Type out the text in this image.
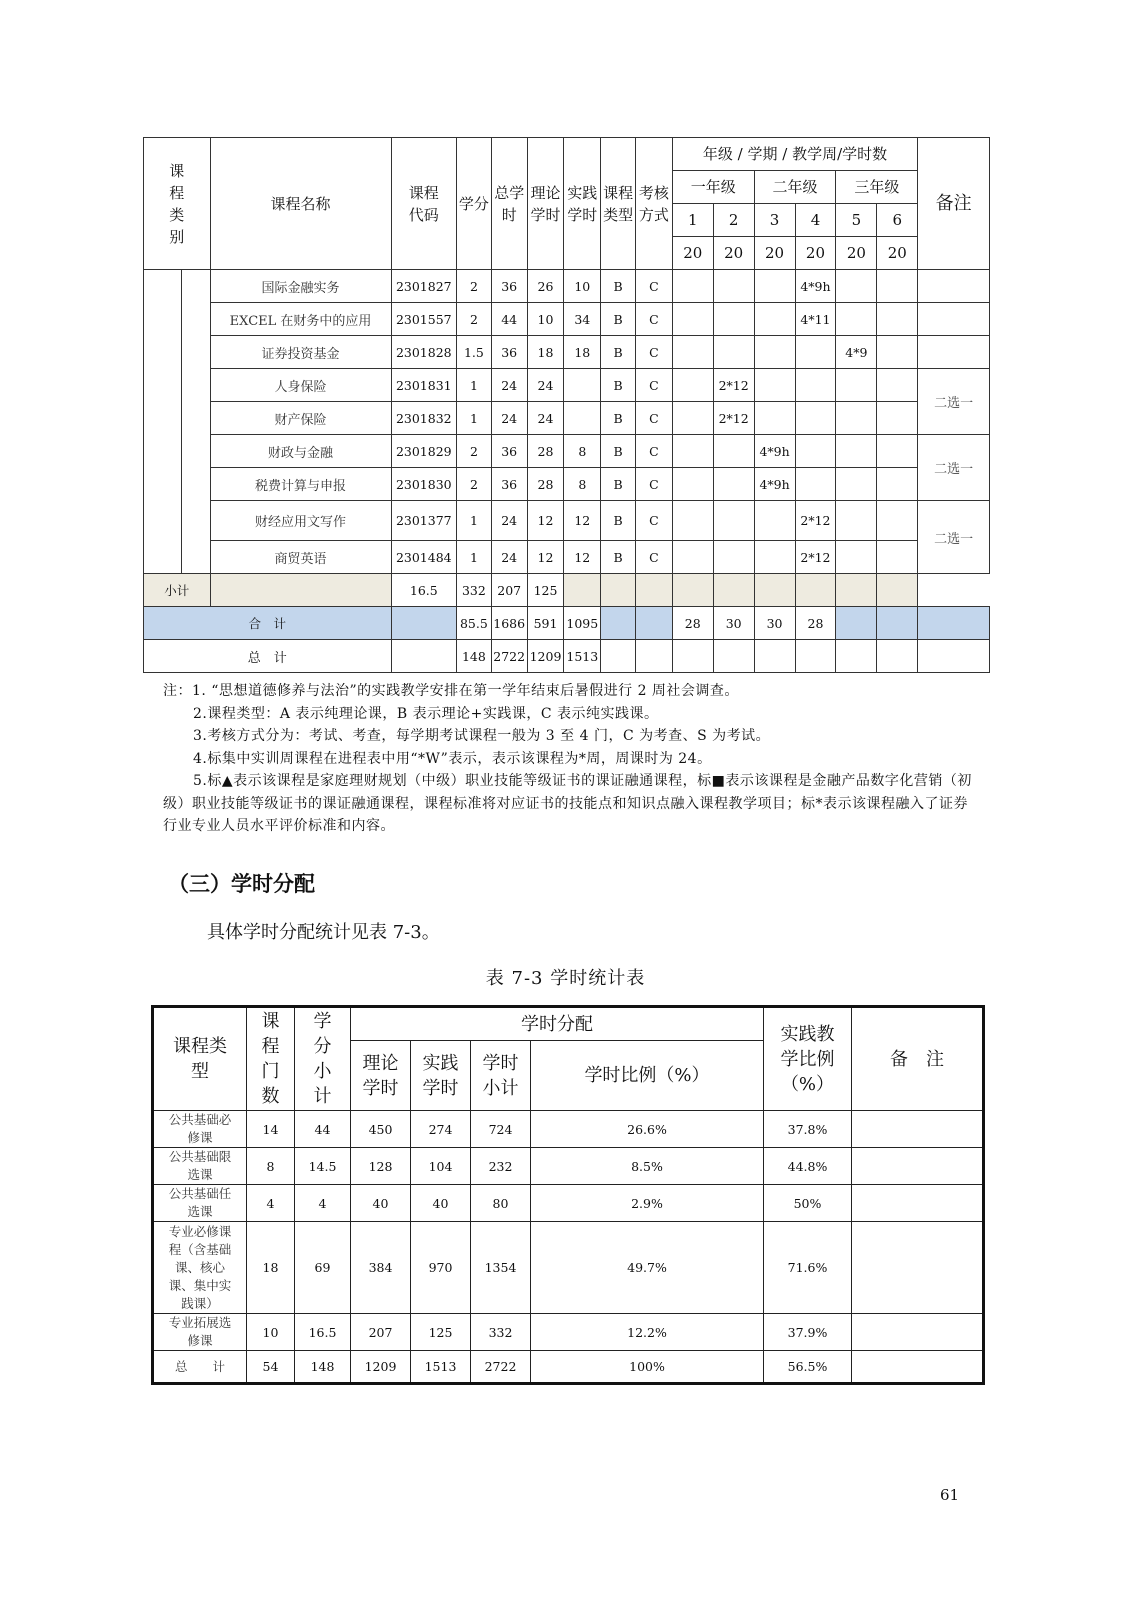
课程类别		课程名称	课程代码	学分	总学时	理论学时	实践学时	课程类型	考核方式	年级 / 学期 / 教学周/学时数						备注
										一年级		二年级		三年级		
										1	2	3	4	5	6	
										20	20	20	20	20	20	
		国际金融实务	2301827	2	36	26	10	B	C				4*9h			
		EXCEL 在财务中的应用	2301557	2	44	10	34	B	C				4*11			
		证券投资基金	2301828	1.5	36	18	18	B	C					4*9		
		人身保险	2301831	1	24	24		B	C		2*12					二选一
		财产保险	2301832	1	24	24		B	C		2*12					
		财政与金融	2301829	2	36	28	8	B	C			4*9h				二选一
		税费计算与申报	2301830	2	36	28	8	B	C			4*9h				
		财经应用文写作	2301377	1	24	12	12	B	C				2*12			二选一
		商贸英语	2301484	1	24	12	12	B	C				2*12			
小计			16.5	332	207	125										
合　计				85.5	1686	591	1095			28	30	30	28			
总　计				148	2722	1209	1513									

注：1. “思想道德修养与法治”的实践教学安排在第一学年结束后暑假进行 2 周社会调查。

2.课程类型：A 表示纯理论课，B 表示理论+实践课，C 表示纯实践课。

3.考核方式分为：考试、考查，每学期考试课程一般为 3 至 4 门，C 为考查、S 为考试。

4.标集中实训周课程在进程表中用“*W”表示，表示该课程为*周，周课时为 24。

5.标▲表示该课程是家庭理财规划（中级）职业技能等级证书的课证融通课程，标■表示该课程是金融产品数字化营销（初级）职业技能等级证书的课证融通课程，课程标准将对应证书的技能点和知识点融入课程教学项目；标*表示该课程融入了证券行业专业人员水平评价标准和内容。

（三）学时分配

具体学时分配统计见表 7-3。

表 7-3 学时统计表

课程类型	课程门数	学分小计	学时分配				实践教学比例（%）	备　注
			理论学时	实践学时	学时小计	学时比例（%）		
公共基础必修课	14	44	450	274	724	26.6%	37.8%	
公共基础限选课	8	14.5	128	104	232	8.5%	44.8%	
公共基础任选课	4	4	40	40	80	2.9%	50%	
专业必修课程（含基础课、核心课、集中实践课）	18	69	384	970	1354	49.7%	71.6%	
专业拓展选修课	10	16.5	207	125	332	12.2%	37.9%	
总　　计	54	148	1209	1513	2722	100%	56.5%	

61
